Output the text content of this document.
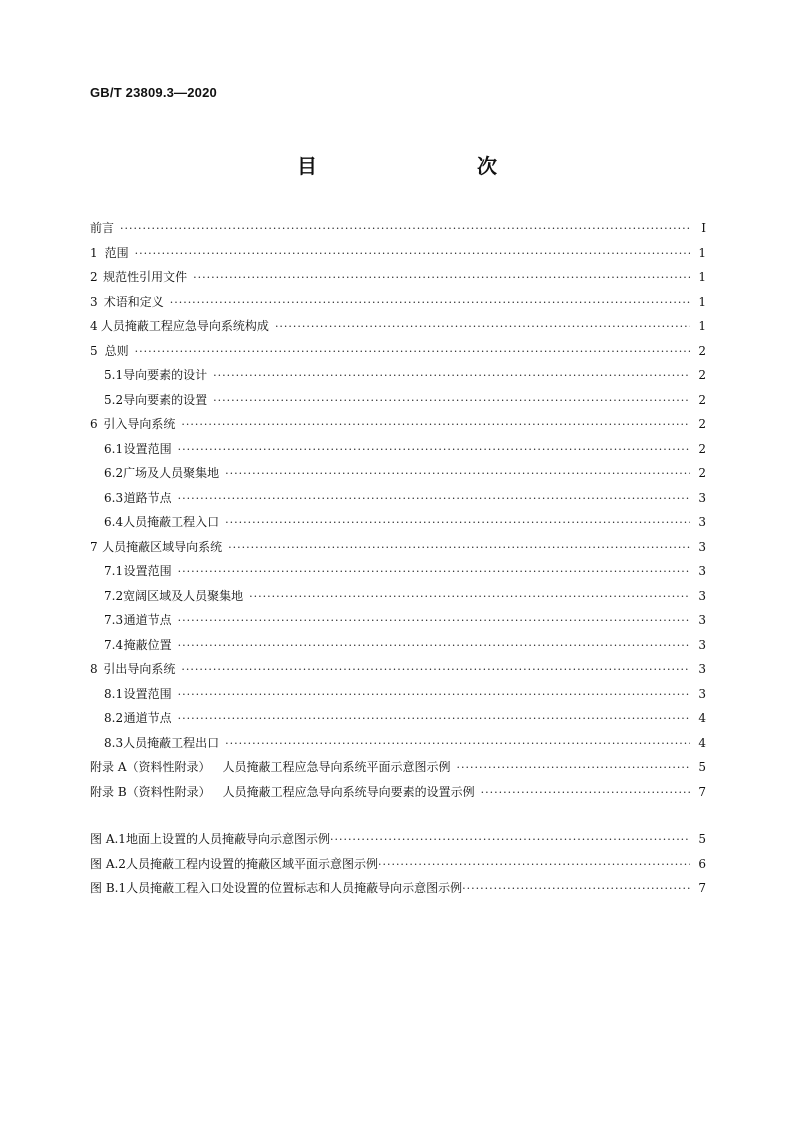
GB/T 23809.3—2020
目　　次
前言 ·····	Ⅰ
1 范围 ·····	1
2 规范性引用文件 ·····	1
3 术语和定义 ·····	1
4 人员掩蔽工程应急导向系统构成 ·····	1
5 总则 ·····	2
5.1 导向要素的设计 ·····	2
5.2 导向要素的设置 ·····	2
6 引入导向系统 ·····	2
6.1 设置范围 ·····	2
6.2 广场及人员聚集地 ·····	2
6.3 道路节点 ·····	3
6.4 人员掩蔽工程入口 ·····	3
7 人员掩蔽区域导向系统 ·····	3
7.1 设置范围 ·····	3
7.2 宽阔区域及人员聚集地 ·····	3
7.3 通道节点 ·····	3
7.4 掩蔽位置 ·····	3
8 引出导向系统 ·····	3
8.1 设置范围 ·····	3
8.2 通道节点 ·····	4
8.3 人员掩蔽工程出口 ·····	4
附录 A（资料性附录） 人员掩蔽工程应急导向系统平面示意图示例 ·····	5
附录 B（资料性附录） 人员掩蔽工程应急导向系统导向要素的设置示例 ·····	7
图 A.1 地面上设置的人员掩蔽导向示意图示例 ·····	5
图 A.2 人员掩蔽工程内设置的掩蔽区域平面示意图示例 ·····	6
图 B.1 人员掩蔽工程入口处设置的位置标志和人员掩蔽导向示意图示例 ·····	7
